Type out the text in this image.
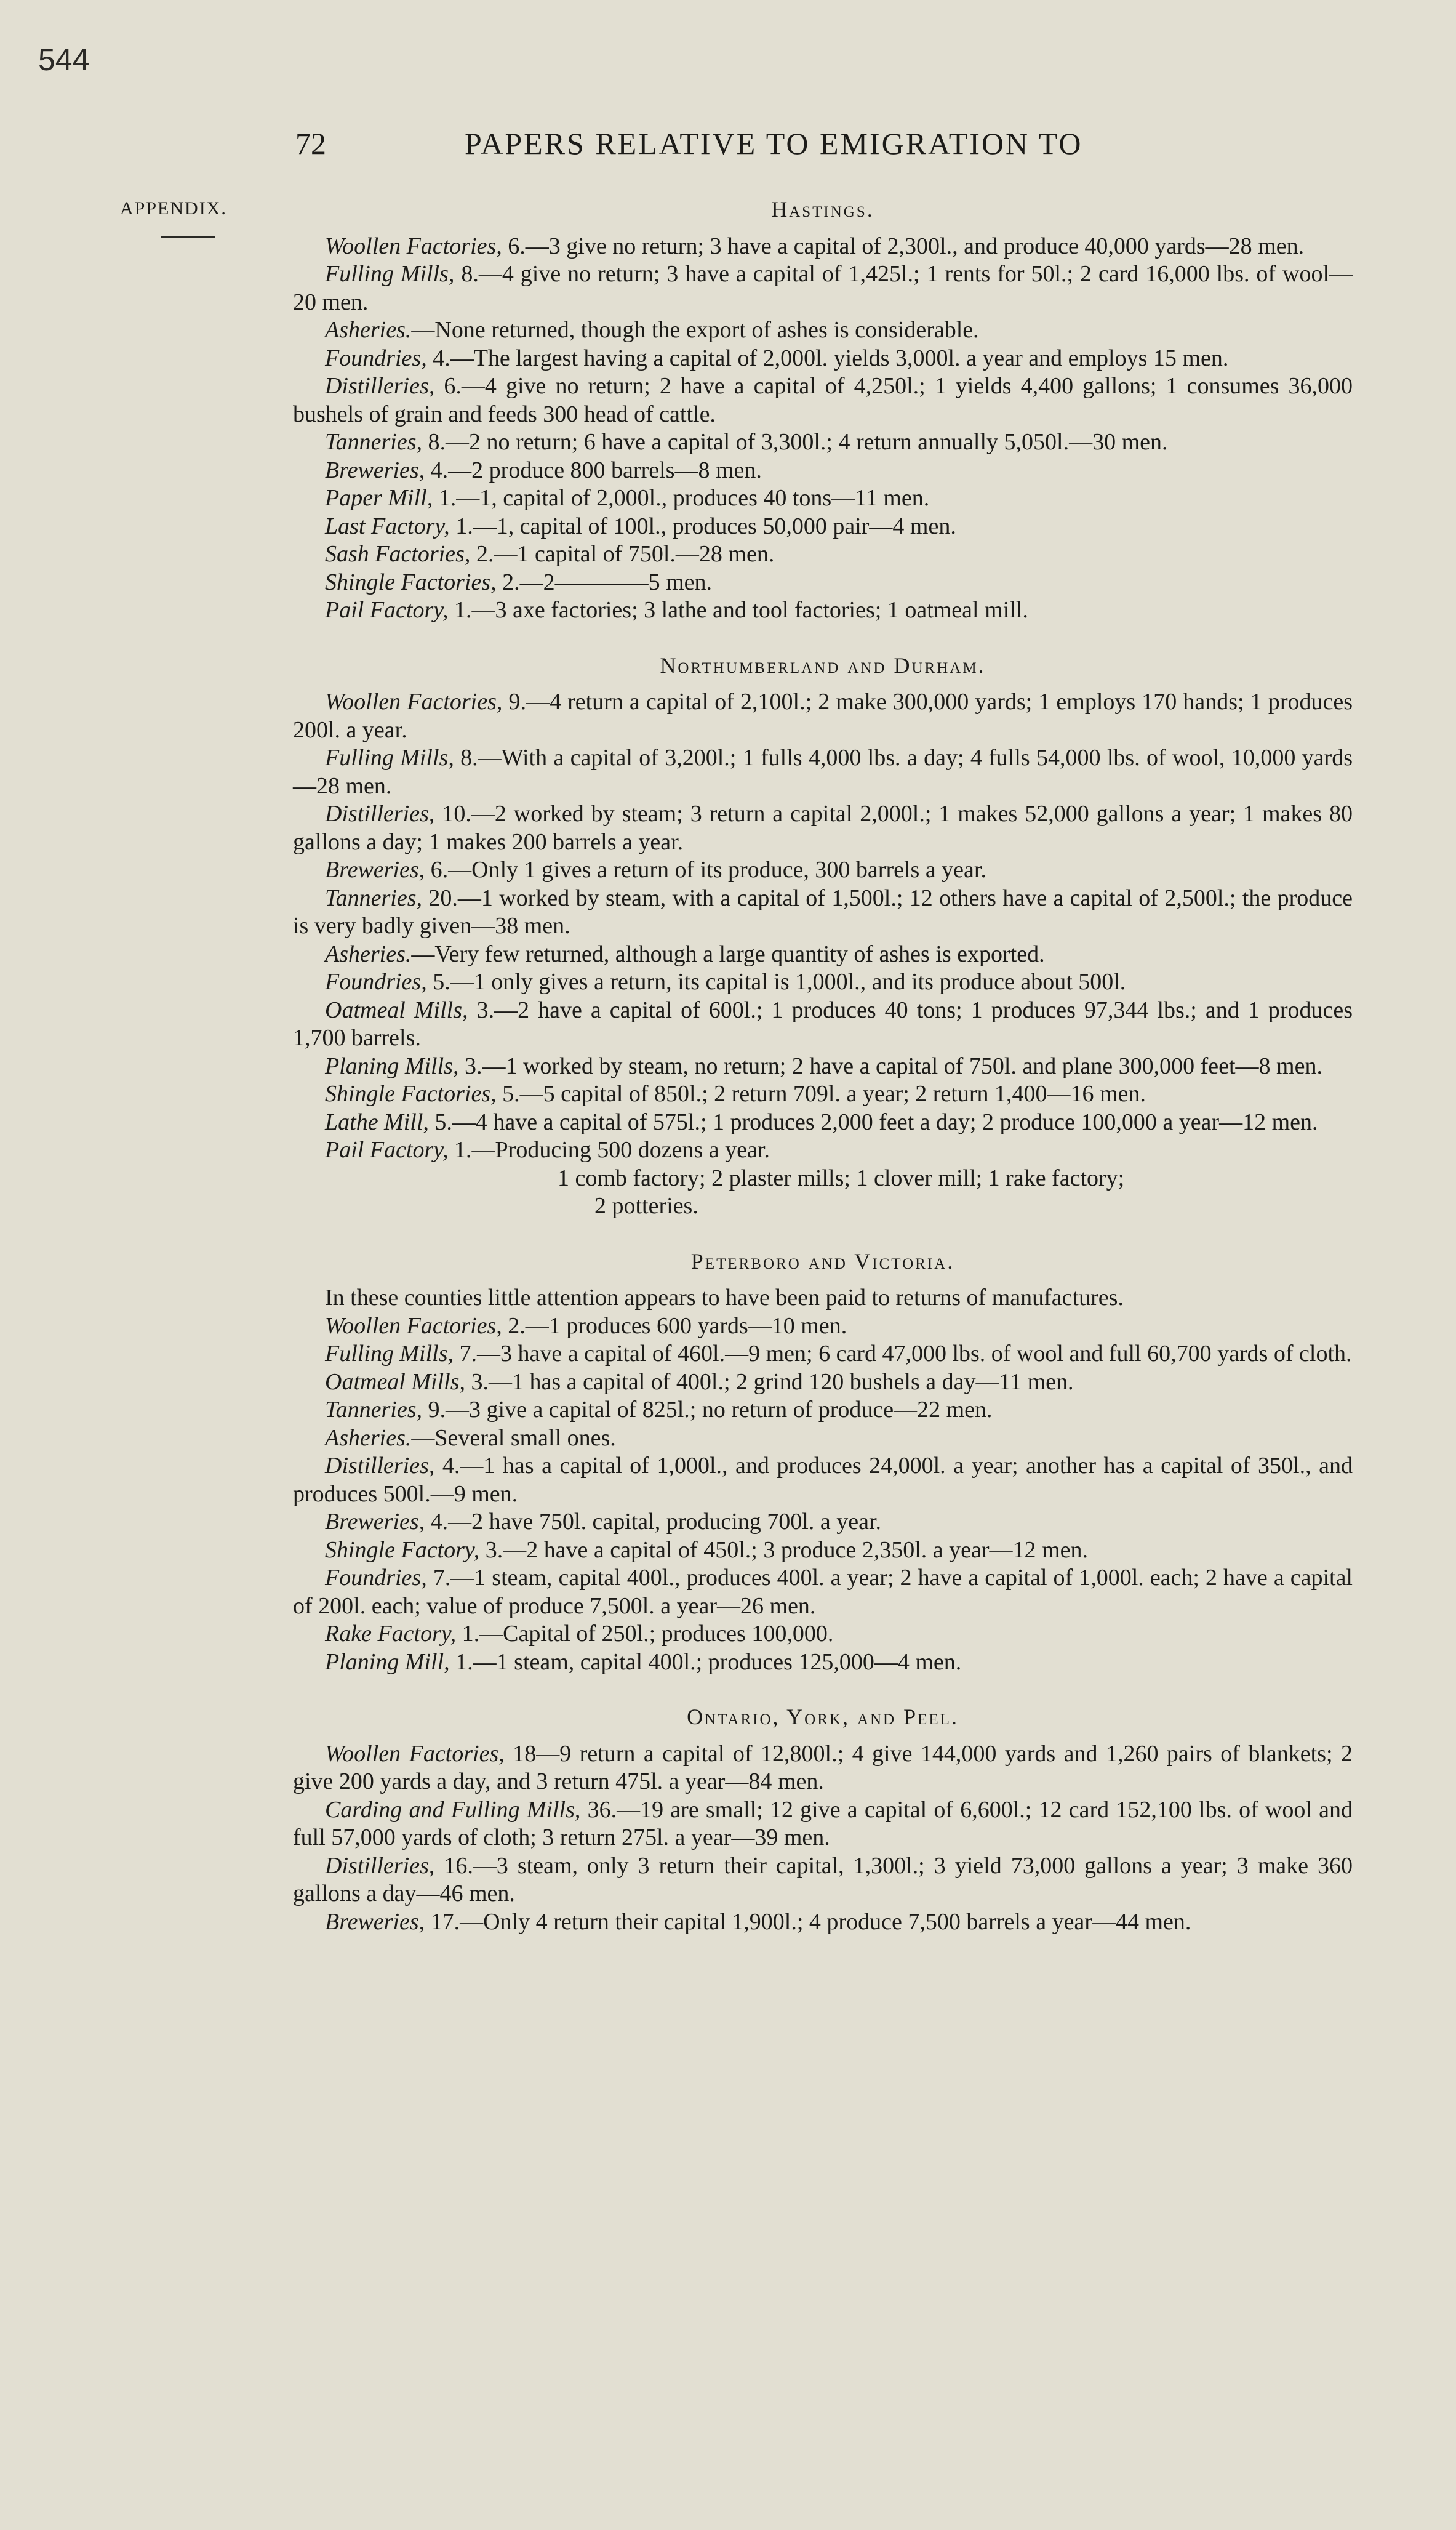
544
72	PAPERS RELATIVE TO EMIGRATION TO
APPENDIX.	Hastings.

Woollen Factories, 6.—3 give no return; 3 have a capital of 2,300l., and produce 40,000 yards—28 men.

Fulling Mills, 8.—4 give no return; 3 have a capital of 1,425l.; 1 rents for 50l.; 2 card 16,000 lbs. of wool—20 men.

Asheries.—None returned, though the export of ashes is considerable.

Foundries, 4.—The largest having a capital of 2,000l. yields 3,000l. a year and employs 15 men.

Distilleries, 6.—4 give no return; 2 have a capital of 4,250l.; 1 yields 4,400 gallons; 1 consumes 36,000 bushels of grain and feeds 300 head of cattle.

Tanneries, 8.—2 no return; 6 have a capital of 3,300l.; 4 return annually 5,050l.—30 men.

Breweries, 4.—2 produce 800 barrels—8 men.

Paper Mill, 1.—1, capital of 2,000l., produces 40 tons—11 men.

Last Factory, 1.—1, capital of 100l., produces 50,000 pair—4 men.

Sash Factories, 2.—1 capital of 750l.—28 men.

Shingle Factories, 2.—2————5 men.

Pail Factory, 1.—3 axe factories; 3 lathe and tool factories; 1 oatmeal mill.

Northumberland and Durham.

Woollen Factories, 9.—4 return a capital of 2,100l.; 2 make 300,000 yards; 1 employs 170 hands; 1 produces 200l. a year.

Fulling Mills, 8.—With a capital of 3,200l.; 1 fulls 4,000 lbs. a day; 4 fulls 54,000 lbs. of wool, 10,000 yards—28 men.

Distilleries, 10.—2 worked by steam; 3 return a capital 2,000l.; 1 makes 52,000 gallons a year; 1 makes 80 gallons a day; 1 makes 200 barrels a year.

Breweries, 6.—Only 1 gives a return of its produce, 300 barrels a year.

Tanneries, 20.—1 worked by steam, with a capital of 1,500l.; 12 others have a capital of 2,500l.; the produce is very badly given—38 men.

Asheries.—Very few returned, although a large quantity of ashes is exported.

Foundries, 5.—1 only gives a return, its capital is 1,000l., and its produce about 500l.

Oatmeal Mills, 3.—2 have a capital of 600l.; 1 produces 40 tons; 1 produces 97,344 lbs.; and 1 produces 1,700 barrels.

Planing Mills, 3.—1 worked by steam, no return; 2 have a capital of 750l. and plane 300,000 feet—8 men.

Shingle Factories, 5.—5 capital of 850l.; 2 return 709l. a year; 2 return 1,400—16 men.

Lathe Mill, 5.—4 have a capital of 575l.; 1 produces 2,000 feet a day; 2 produce 100,000 a year—12 men.

Pail Factory, 1.—Producing 500 dozens a year.

1 comb factory; 2 plaster mills; 1 clover mill; 1 rake factory;
2 potteries.

Peterboro and Victoria.

In these counties little attention appears to have been paid to returns of manufactures.

Woollen Factories, 2.—1 produces 600 yards—10 men.

Fulling Mills, 7.—3 have a capital of 460l.—9 men; 6 card 47,000 lbs. of wool and full 60,700 yards of cloth.

Oatmeal Mills, 3.—1 has a capital of 400l.; 2 grind 120 bushels a day—11 men.

Tanneries, 9.—3 give a capital of 825l.; no return of produce—22 men.

Asheries.—Several small ones.

Distilleries, 4.—1 has a capital of 1,000l., and produces 24,000l. a year; another has a capital of 350l., and produces 500l.—9 men.

Breweries, 4.—2 have 750l. capital, producing 700l. a year.

Shingle Factory, 3.—2 have a capital of 450l.; 3 produce 2,350l. a year—12 men.

Foundries, 7.—1 steam, capital 400l., produces 400l. a year; 2 have a capital of 1,000l. each; 2 have a capital of 200l. each; value of produce 7,500l. a year—26 men.

Rake Factory, 1.—Capital of 250l.; produces 100,000.

Planing Mill, 1.—1 steam, capital 400l.; produces 125,000—4 men.

Ontario, York, and Peel.

Woollen Factories, 18—9 return a capital of 12,800l.; 4 give 144,000 yards and 1,260 pairs of blankets; 2 give 200 yards a day, and 3 return 475l. a year—84 men.

Carding and Fulling Mills, 36.—19 are small; 12 give a capital of 6,600l.; 12 card 152,100 lbs. of wool and full 57,000 yards of cloth; 3 return 275l. a year—39 men.

Distilleries, 16.—3 steam, only 3 return their capital, 1,300l.; 3 yield 73,000 gallons a year; 3 make 360 gallons a day—46 men.

Breweries, 17.—Only 4 return their capital 1,900l.; 4 produce 7,500 barrels a year—44 men.
